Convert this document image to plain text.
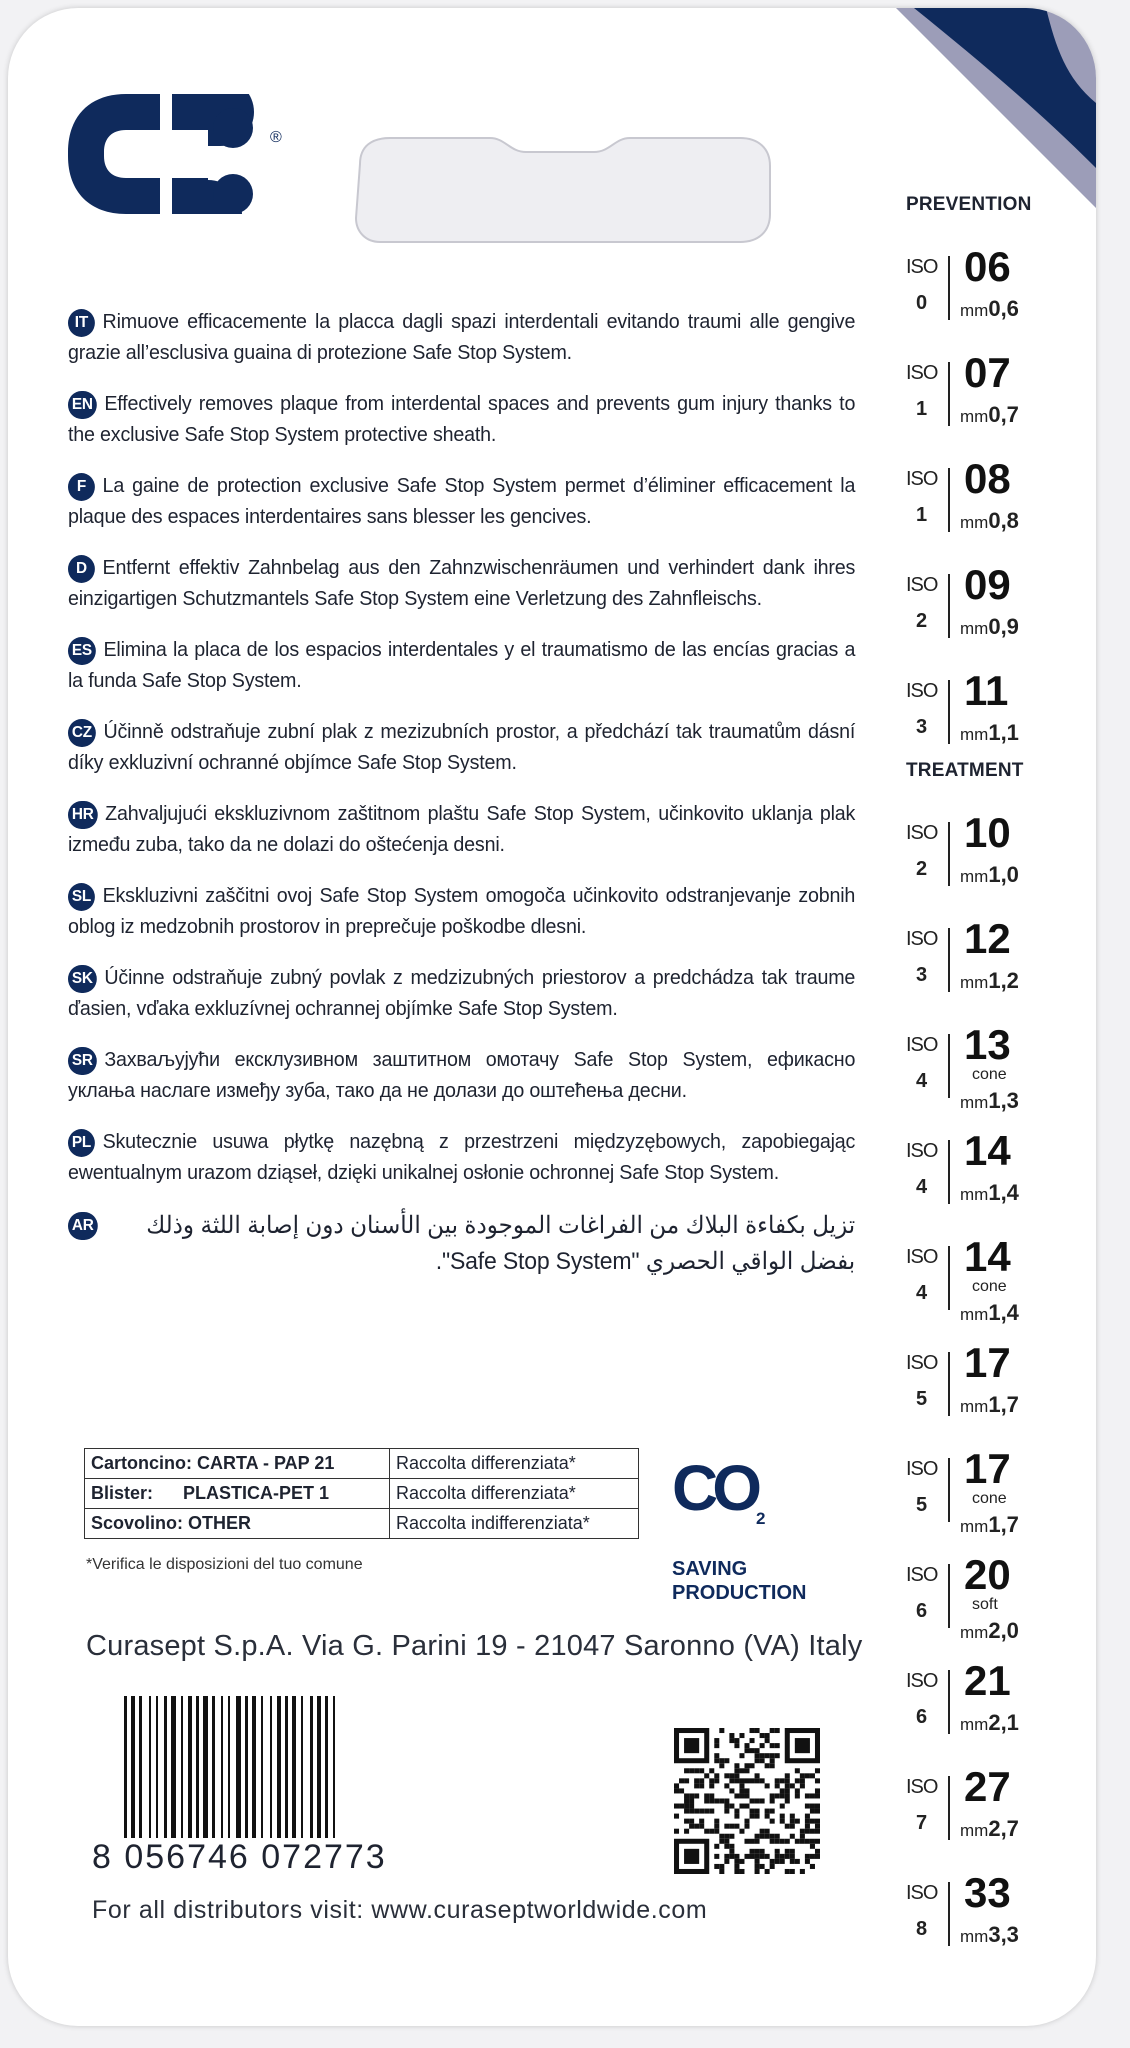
®
IT Rimuove efficacemente la placca dagli spazi interdentali evitando traumi alle gengive grazie all’esclusiva guaina di protezione Safe Stop System.
EN Effectively removes plaque from interdental spaces and prevents gum injury thanks to the exclusive Safe Stop System protective sheath.
F La gaine de protection exclusive Safe Stop System permet d’éliminer efficacement la plaque des espaces interdentaires sans blesser les gencives.
D Entfernt effektiv Zahnbelag aus den Zahnzwischenräumen und verhindert dank ihres einzigartigen Schutzmantels Safe Stop System eine Verletzung des Zahnfleischs.
ES Elimina la placa de los espacios interdentales y el traumatismo de las encías gracias a la funda Safe Stop System.
CZ Účinně odstraňuje zubní plak z mezizubních prostor, a předchází tak traumatům dásní díky exkluzivní ochranné objímce Safe Stop System.
HR Zahvaljujući ekskluzivnom zaštitnom plaštu Safe Stop System, učinkovito uklanja plak između zuba, tako da ne dolazi do oštećenja desni.
SL Ekskluzivni zaščitni ovoj Safe Stop System omogoča učinkovito odstranjevanje zobnih oblog iz medzobnih prostorov in preprečuje poškodbe dlesni.
SK Účinne odstraňuje zubný povlak z medzizubných priestorov a predchádza tak traume ďasien, vďaka exkluzívnej ochrannej objímke Safe Stop System.
SR Захваљујући ексклузивном заштитном омотачу Safe Stop System, ефикасно уклања наслаге између зуба, тако да не долази до оштећења десни.
PL Skutecznie usuwa płytkę nazębną z przestrzeni międzyzębowych, zapobiegając ewentualnym urazom dziąseł, dzięki unikalnej osłonie ochronnej Safe Stop System.
AR تزيل بكفاءة البلاك من الفراغات الموجودة بين الأسنان دون إصابة اللثة وذلك بفضل الواقي الحصري "Safe Stop System".
Cartoncino: CARTA - PAP 21	Raccolta differenziata*
Blister:      PLASTICA-PET 1	Raccolta differenziata*
Scovolino: OTHER	Raccolta indifferenziata*
*Verifica le disposizioni del tuo comune
$CO_2$
SAVING
PRODUCTION
Curasept S.p.A. Via G. Parini 19 - 21047 Saronno (VA) Italy
8 056746 072773
For all distributors visit: www.curaseptworldwide.com
PREVENTION
ISO
0
06
mm0,6
ISO
1
07
mm0,7
ISO
1
08
mm0,8
ISO
2
09
mm0,9
ISO
3
11
mm1,1
TREATMENT
ISO
2
10
mm1,0
ISO
3
12
mm1,2
ISO
4
13
cone
mm1,3
ISO
4
14
mm1,4
ISO
4
14
cone
mm1,4
ISO
5
17
mm1,7
ISO
5
17
cone
mm1,7
ISO
6
20
soft
mm2,0
ISO
6
21
mm2,1
ISO
7
27
mm2,7
ISO
8
33
mm3,3
